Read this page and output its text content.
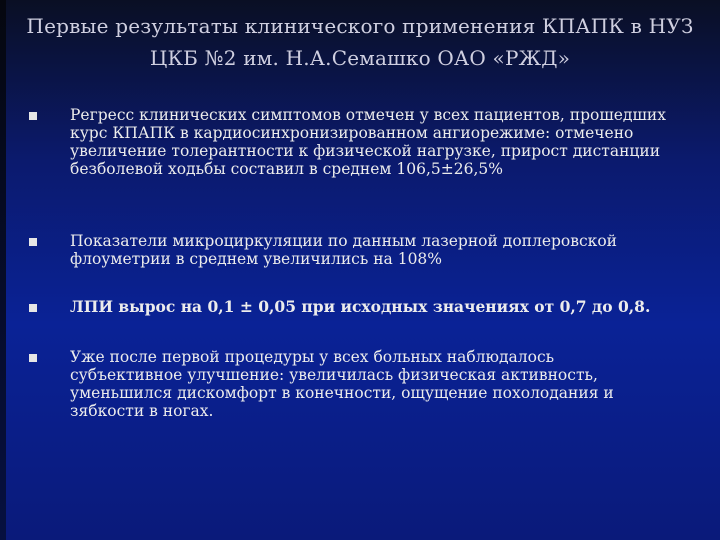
Первые результаты клинического применения КПАПК в НУЗ ЦКБ №2 им. Н.А.Семашко ОАО «РЖД»

Регресс клинических симптомов отмечен у всех пациентов, прошедших курс КПАПК в кардиосинхронизированном ангиорежиме: отмечено увеличение толерантности к физической нагрузке, прирост дистанции безболевой ходьбы составил в среднем 106,5±26,5%

Показатели микроциркуляции по данным лазерной доплеровской флоуметрии в среднем увеличились на 108%

ЛПИ вырос на 0,1 ± 0,05 при исходных значениях от 0,7 до 0,8.

Уже после первой процедуры у всех больных наблюдалось субъективное улучшение: увеличилась физическая активность, уменьшился дискомфорт в конечности, ощущение похолодания и зябкости в ногах.
